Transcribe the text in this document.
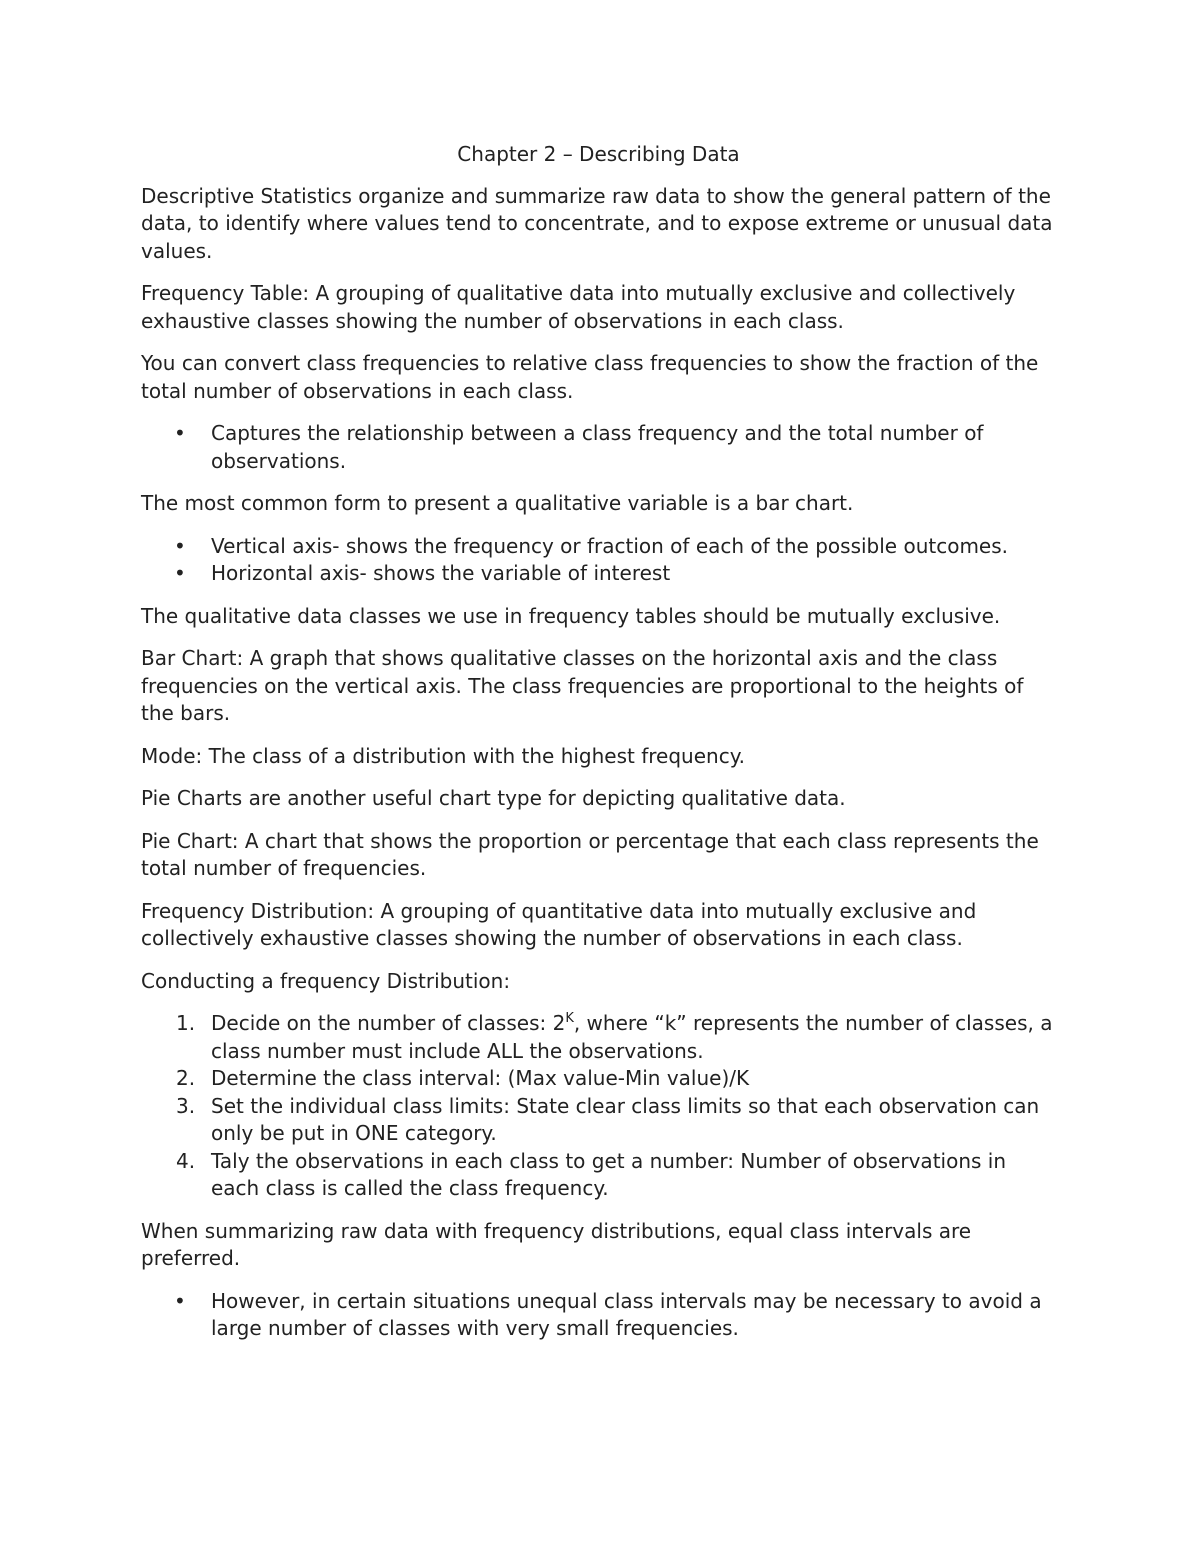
Chapter 2 – Describing Data

Descriptive Statistics organize and summarize raw data to show the general pattern of the data, to identify where values tend to concentrate, and to expose extreme or unusual data values.

Frequency Table: A grouping of qualitative data into mutually exclusive and collectively exhaustive classes showing the number of observations in each class.

You can convert class frequencies to relative class frequencies to show the fraction of the total number of observations in each class.

• Captures the relationship between a class frequency and the total number of observations.

The most common form to present a qualitative variable is a bar chart.

• Vertical axis- shows the frequency or fraction of each of the possible outcomes.
• Horizontal axis- shows the variable of interest

The qualitative data classes we use in frequency tables should be mutually exclusive.

Bar Chart: A graph that shows qualitative classes on the horizontal axis and the class frequencies on the vertical axis. The class frequencies are proportional to the heights of the bars.

Mode: The class of a distribution with the highest frequency.

Pie Charts are another useful chart type for depicting qualitative data.

Pie Chart: A chart that shows the proportion or percentage that each class represents the total number of frequencies.

Frequency Distribution: A grouping of quantitative data into mutually exclusive and collectively exhaustive classes showing the number of observations in each class.

Conducting a frequency Distribution:

1. Decide on the number of classes: $2^K$, where “k” represents the number of classes, a class number must include ALL the observations.
2. Determine the class interval: (Max value-Min value)/K
3. Set the individual class limits: State clear class limits so that each observation can only be put in ONE category.
4. Taly the observations in each class to get a number: Number of observations in each class is called the class frequency.

When summarizing raw data with frequency distributions, equal class intervals are preferred.

• However, in certain situations unequal class intervals may be necessary to avoid a large number of classes with very small frequencies.
